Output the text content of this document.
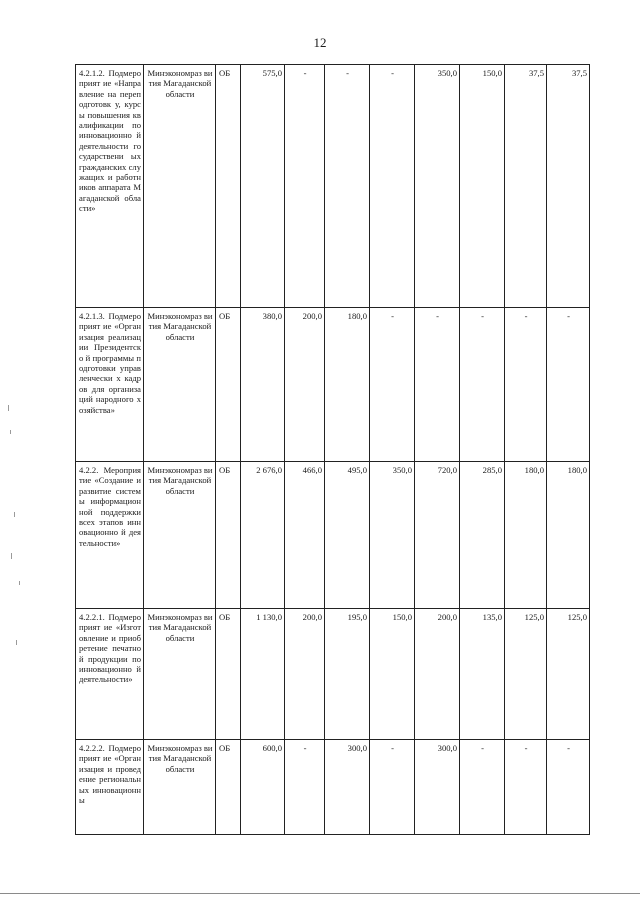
12
4.2.1.2. Подмероприят ие «Направление на переподготовк у, курсы повышения квалификации по инновационно й деятельности государствени ых гражданских служащих и работников аппарата Магаданской области»	Минэкономраз вития Магаданской области	ОБ	575,0	-	-	-	350,0	150,0	37,5	37,5
4.2.1.3. Подмероприят ие «Организация реализации Президентско й программы подготовки управленчески х кадров для организаций народного хозяйства»	Минэкономраз вития Магаданской области	ОБ	380,0	200,0	180,0	-	-	-	-	-
4.2.2. Мероприятие «Создание и развитие системы информацион ной поддержки всех этапов инновационно й деятельности»	Минэкономраз вития Магаданской области	ОБ	2 676,0	466,0	495,0	350,0	720,0	285,0	180,0	180,0
4.2.2.1. Подмероприят ие «Изготовление и приобретение печатной продукции по инновационно й деятельности»	Минэкономраз вития Магаданской области	ОБ	1 130,0	200,0	195,0	150,0	200,0	135,0	125,0	125,0
4.2.2.2. Подмероприят ие «Организация и проведение региональных инновационны	Минэкономраз вития Магаданской области	ОБ	600,0	-	300,0	-	300,0	-	-	-
